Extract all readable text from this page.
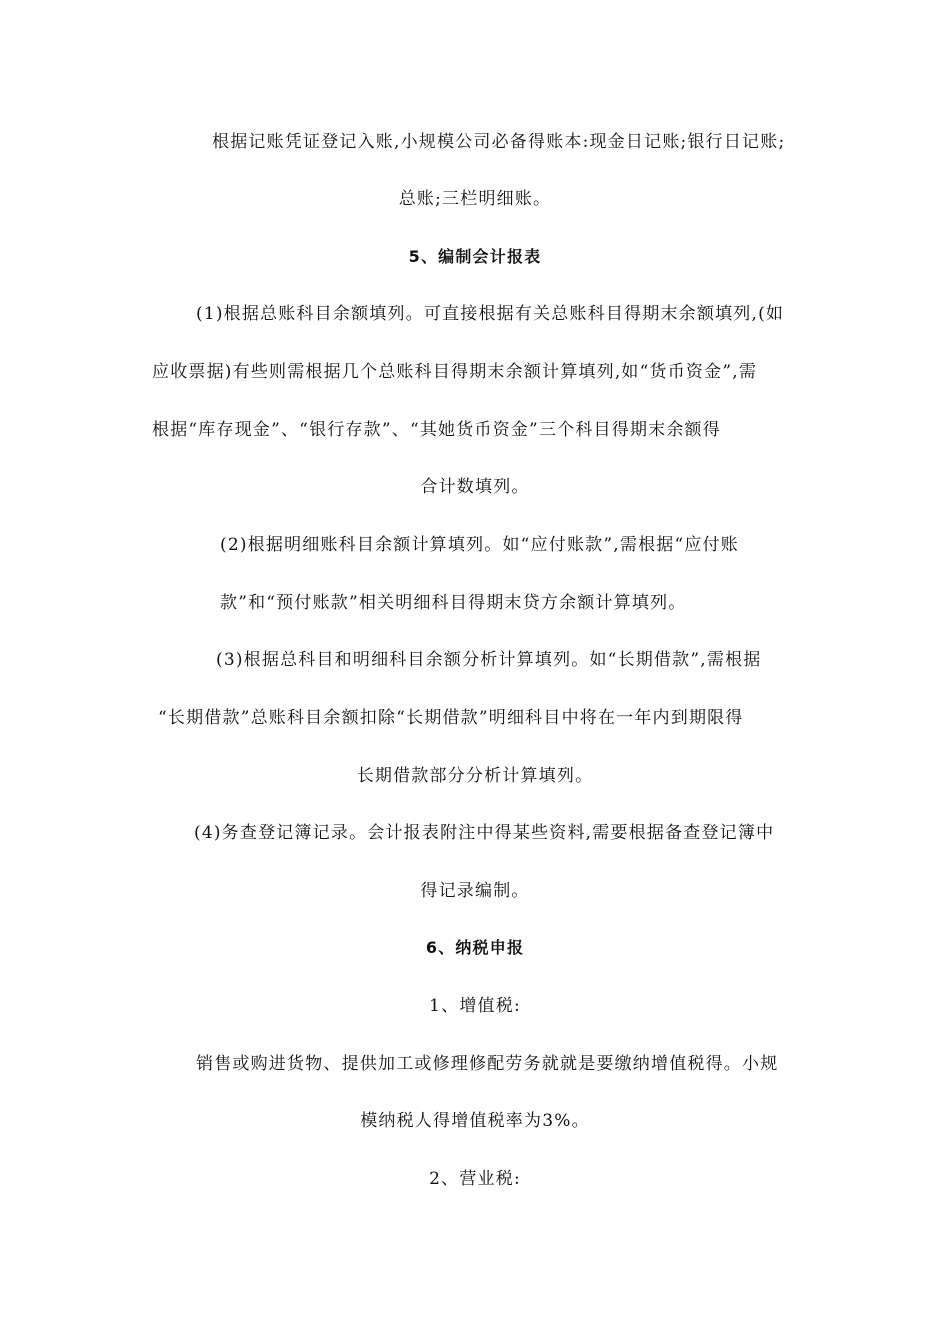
根据记账凭证登记入账,小规模公司必备得账本:现金日记账;银行日记账;
总账;三栏明细账。
5、编制会计报表
(1)根据总账科目余额填列。可直接根据有关总账科目得期末余额填列,(如
应收票据)有些则需根据几个总账科目得期末余额计算填列,如“货币资金”,需
根据“库存现金”、“银行存款”、“其她货币资金”三个科目得期末余额得
合计数填列。
(2)根据明细账科目余额计算填列。如“应付账款”,需根据“应付账
款”和“预付账款”相关明细科目得期末贷方余额计算填列。
(3)根据总科目和明细科目余额分析计算填列。如“长期借款”,需根据
“长期借款”总账科目余额扣除“长期借款”明细科目中将在一年内到期限得
长期借款部分分析计算填列。
(4)务查登记簿记录。会计报表附注中得某些资料,需要根据备查登记簿中
得记录编制。
6、纳税申报
1、增值税:
销售或购进货物、提供加工或修理修配劳务就就是要缴纳增值税得。小规
模纳税人得增值税率为3%。
2、营业税:
